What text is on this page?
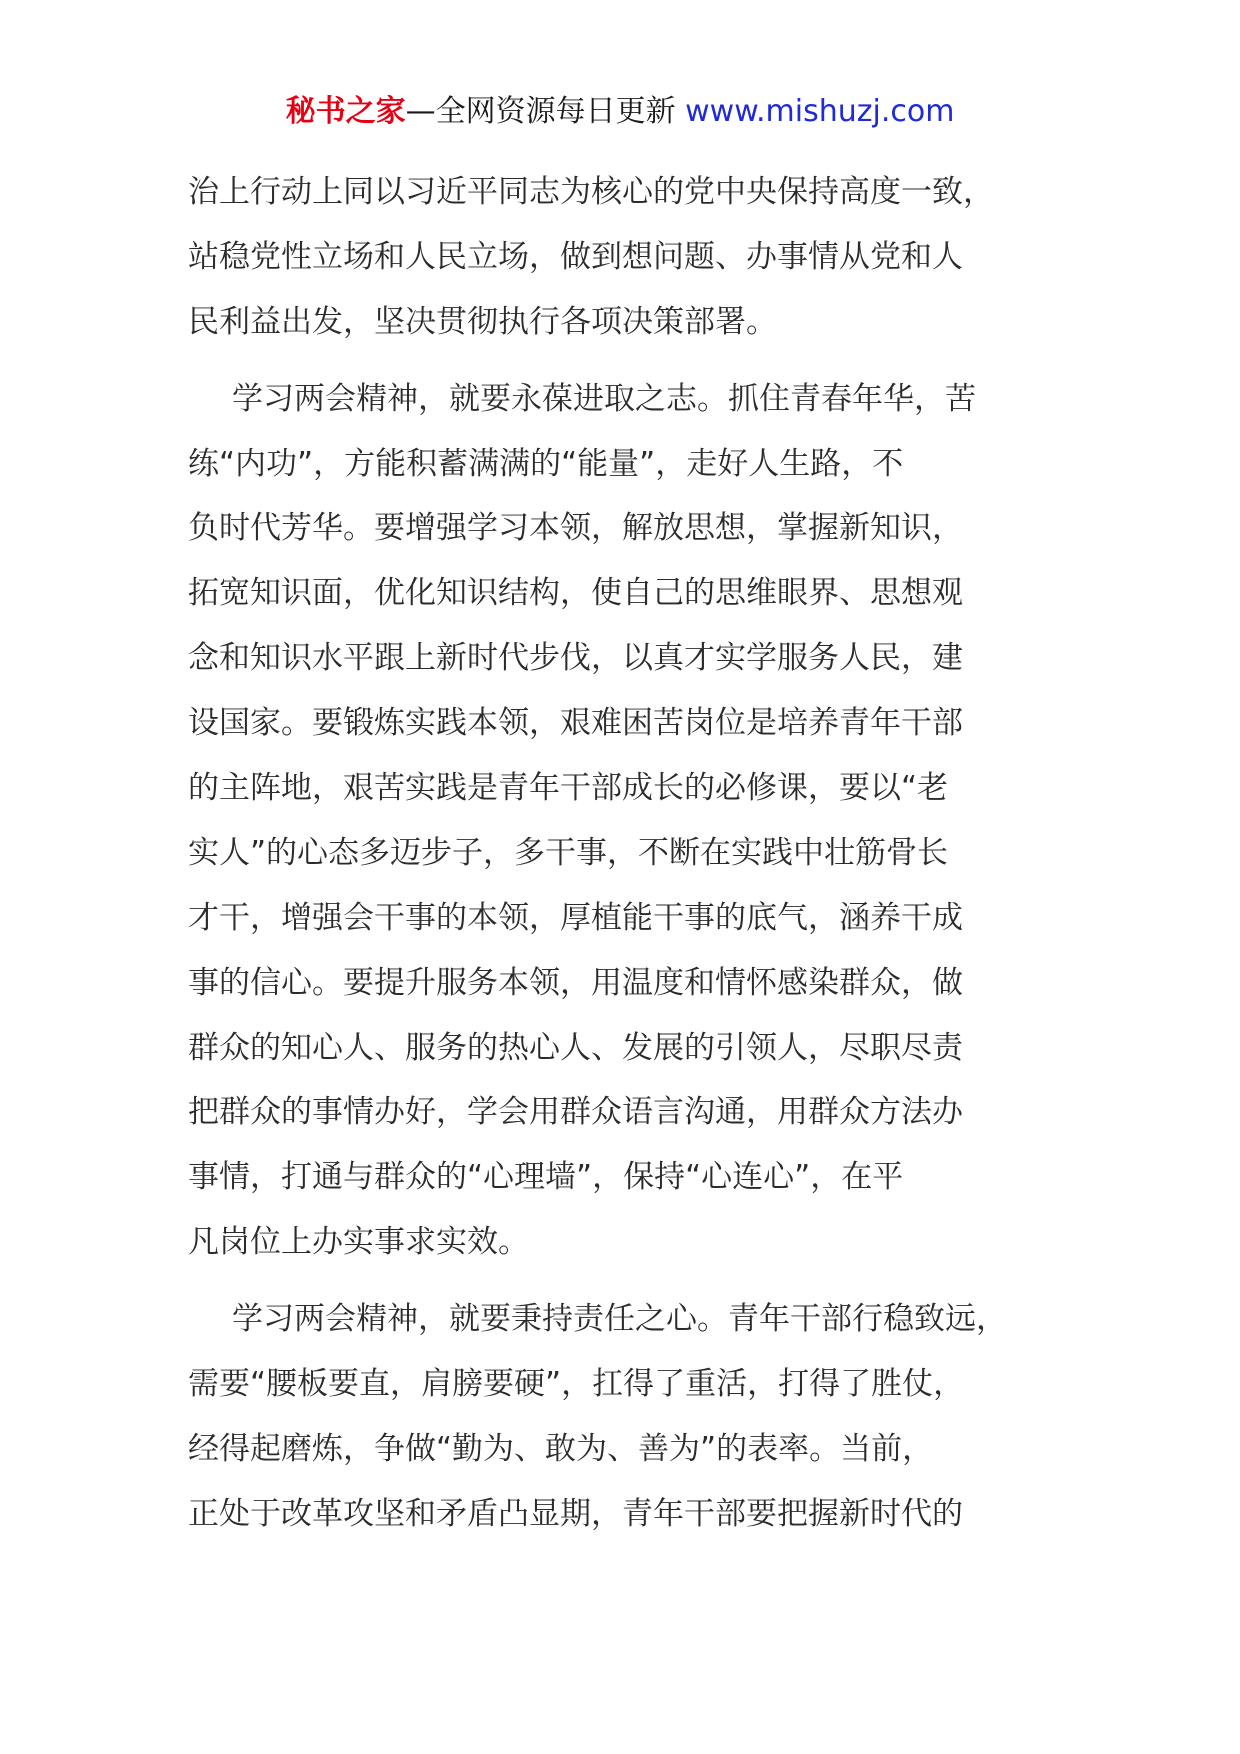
秘书之家—全网资源每日更新 www.mishuzj.com
治上行动上同以习近平同志为核心的党中央保持高度一致，
站稳党性立场和人民立场，做到想问题、办事情从党和人
民利益出发，坚决贯彻执行各项决策部署。
学习两会精神，就要永葆进取之志。抓住青春年华，苦
练“内功”，方能积蓄满满的“能量”，走好人生路，不
负时代芳华。要增强学习本领，解放思想，掌握新知识，
拓宽知识面，优化知识结构，使自己的思维眼界、思想观
念和知识水平跟上新时代步伐，以真才实学服务人民，建
设国家。要锻炼实践本领，艰难困苦岗位是培养青年干部
的主阵地，艰苦实践是青年干部成长的必修课，要以“老
实人”的心态多迈步子，多干事，不断在实践中壮筋骨长
才干，增强会干事的本领，厚植能干事的底气，涵养干成
事的信心。要提升服务本领，用温度和情怀感染群众，做
群众的知心人、服务的热心人、发展的引领人，尽职尽责
把群众的事情办好，学会用群众语言沟通，用群众方法办
事情，打通与群众的“心理墙”，保持“心连心”，在平
凡岗位上办实事求实效。
学习两会精神，就要秉持责任之心。青年干部行稳致远，
需要“腰板要直，肩膀要硬”，扛得了重活，打得了胜仗，
经得起磨炼，争做“勤为、敢为、善为”的表率。当前，
正处于改革攻坚和矛盾凸显期，青年干部要把握新时代的
